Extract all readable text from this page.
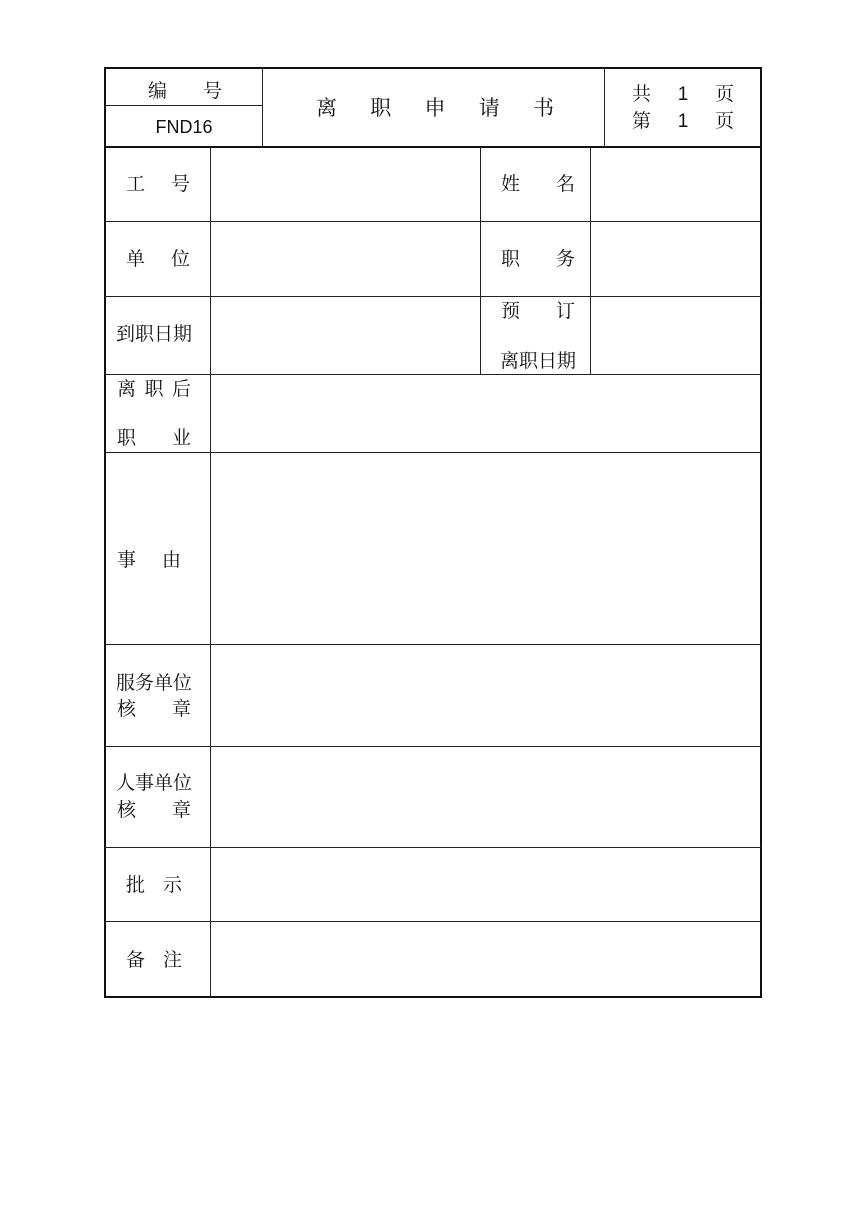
编 号
FND16
离 职 申 请 书
共 1 页
第 1 页
工 号	姓 名
单 位	职 务
到职日期
预 订
离职日期
离 职 后
职 业
事 由
服务单位
核 章
人事单位
核 章
批 示
备 注
